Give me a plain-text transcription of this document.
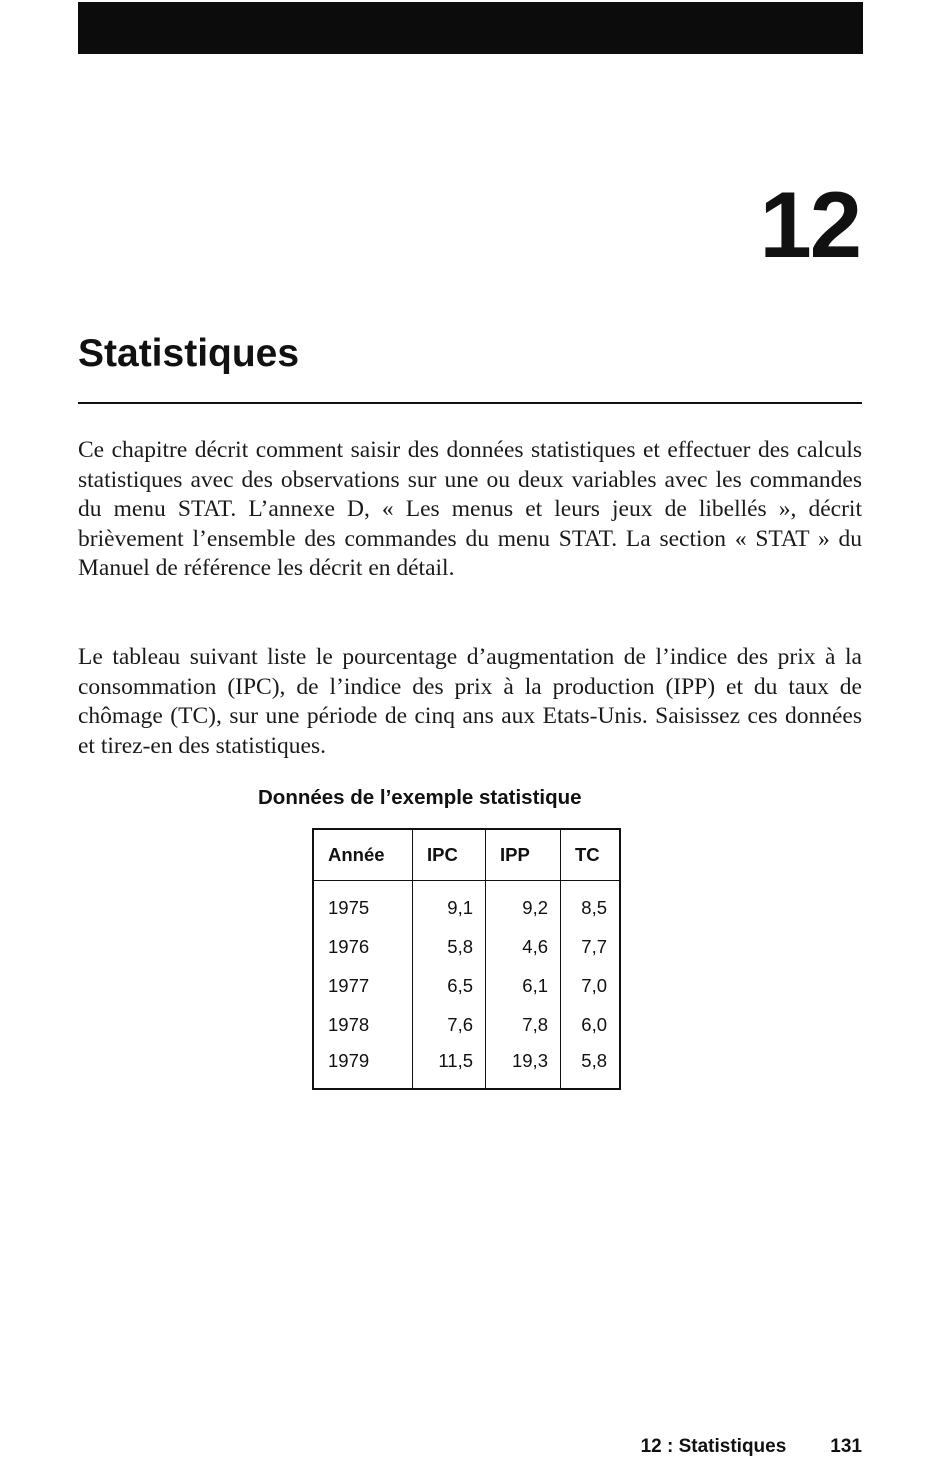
12
Statistiques

Ce chapitre décrit comment saisir des données statistiques et effectuer des calculs statistiques avec des observations sur une ou deux variables avec les commandes du menu STAT. L’annexe D, « Les menus et leurs jeux de libellés », décrit brièvement l’ensemble des commandes du menu STAT. La section « STAT » du Manuel de référence les décrit en détail.

Le tableau suivant liste le pourcentage d’augmentation de l’indice des prix à la consommation (IPC), de l’indice des prix à la production (IPP) et du taux de chômage (TC), sur une période de cinq ans aux Etats-Unis. Saisissez ces données et tirez-en des statistiques.

Données de l’exemple statistique
Année	IPC	IPP	TC
1975	9,1	9,2	8,5
1976	5,8	4,6	7,7
1977	6,5	6,1	7,0
1978	7,6	7,8	6,0
1979	11,5	19,3	5,8
12 : Statistiques 131
